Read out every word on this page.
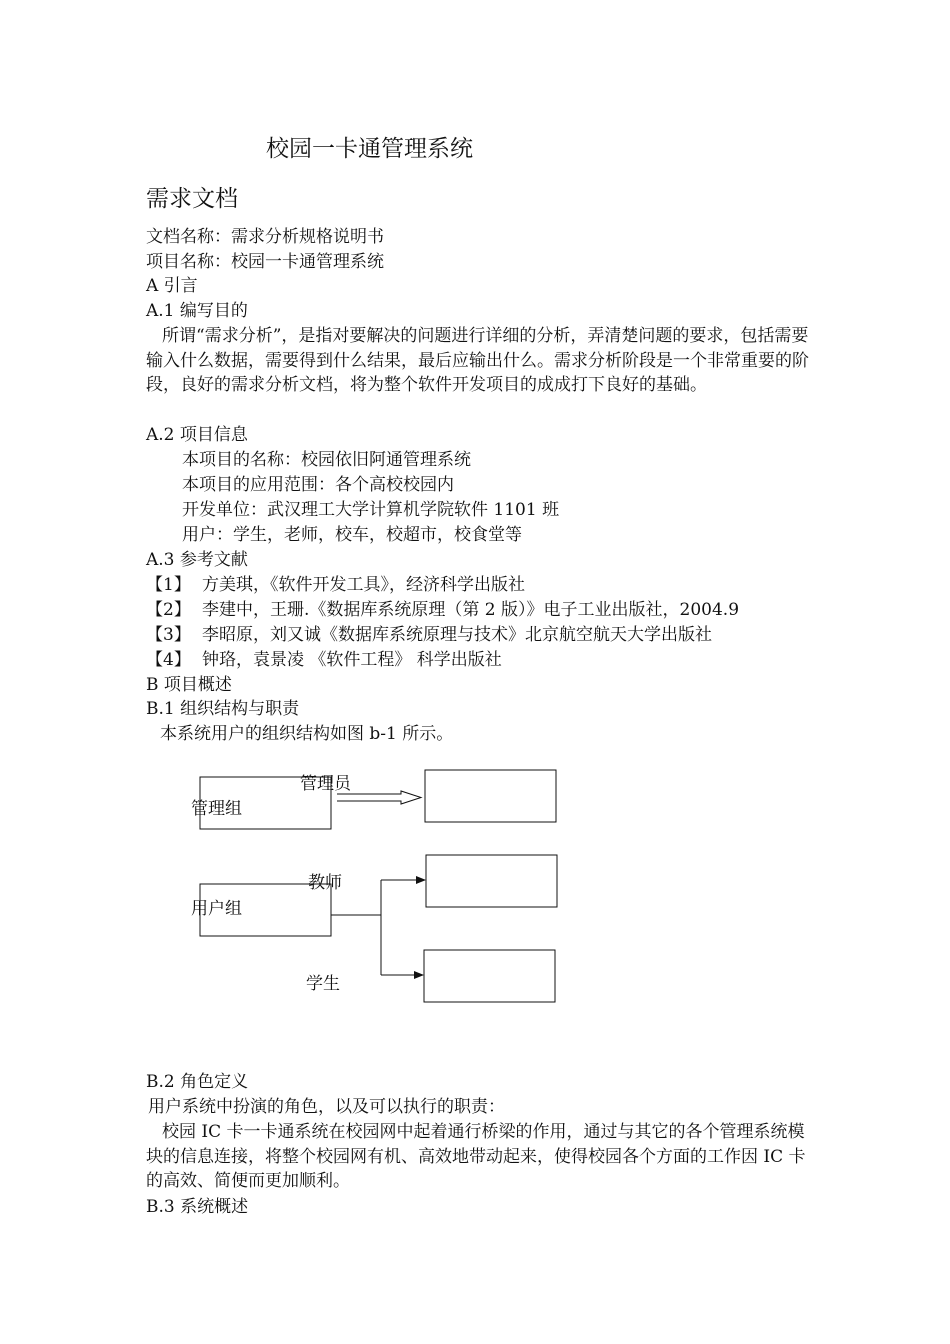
校园一卡通管理系统
需求文档
文档名称：需求分析规格说明书
项目名称：校园一卡通管理系统
A 引言
A.1 编写目的
所谓“需求分析”，是指对要解决的问题进行详细的分析，弄清楚问题的要求，包括需要输入什么数据，需要得到什么结果，最后应输出什么。需求分析阶段是一个非常重要的阶段，良好的需求分析文档，将为整个软件开发项目的成成打下良好的基础。
A.2 项目信息
本项目的名称：校园依旧阿通管理系统
本项目的应用范围：各个高校校园内
开发单位：武汉理工大学计算机学院软件 1101 班
用户：学生，老师，校车，校超市，校食堂等
A.3 参考文献
【1】 方美琪，《软件开发工具》，经济科学出版社
【2】 李建中，王珊.《数据库系统原理（第 2 版）》电子工业出版社，2004.9
【3】 李昭原，刘又诚《数据库系统原理与技术》北京航空航天大学出版社
【4】 钟珞，袁景凌 《软件工程》 科学出版社
B 项目概述
B.1 组织结构与职责
本系统用户的组织结构如图 b-1 所示。
管理员
管理组
教师
用户组
学生
B.2 角色定义
用户系统中扮演的角色，以及可以执行的职责：
校园 IC 卡一卡通系统在校园网中起着通行桥梁的作用，通过与其它的各个管理系统模块的信息连接，将整个校园网有机、高效地带动起来，使得校园各个方面的工作因 IC 卡的高效、简便而更加顺利。
B.3 系统概述
